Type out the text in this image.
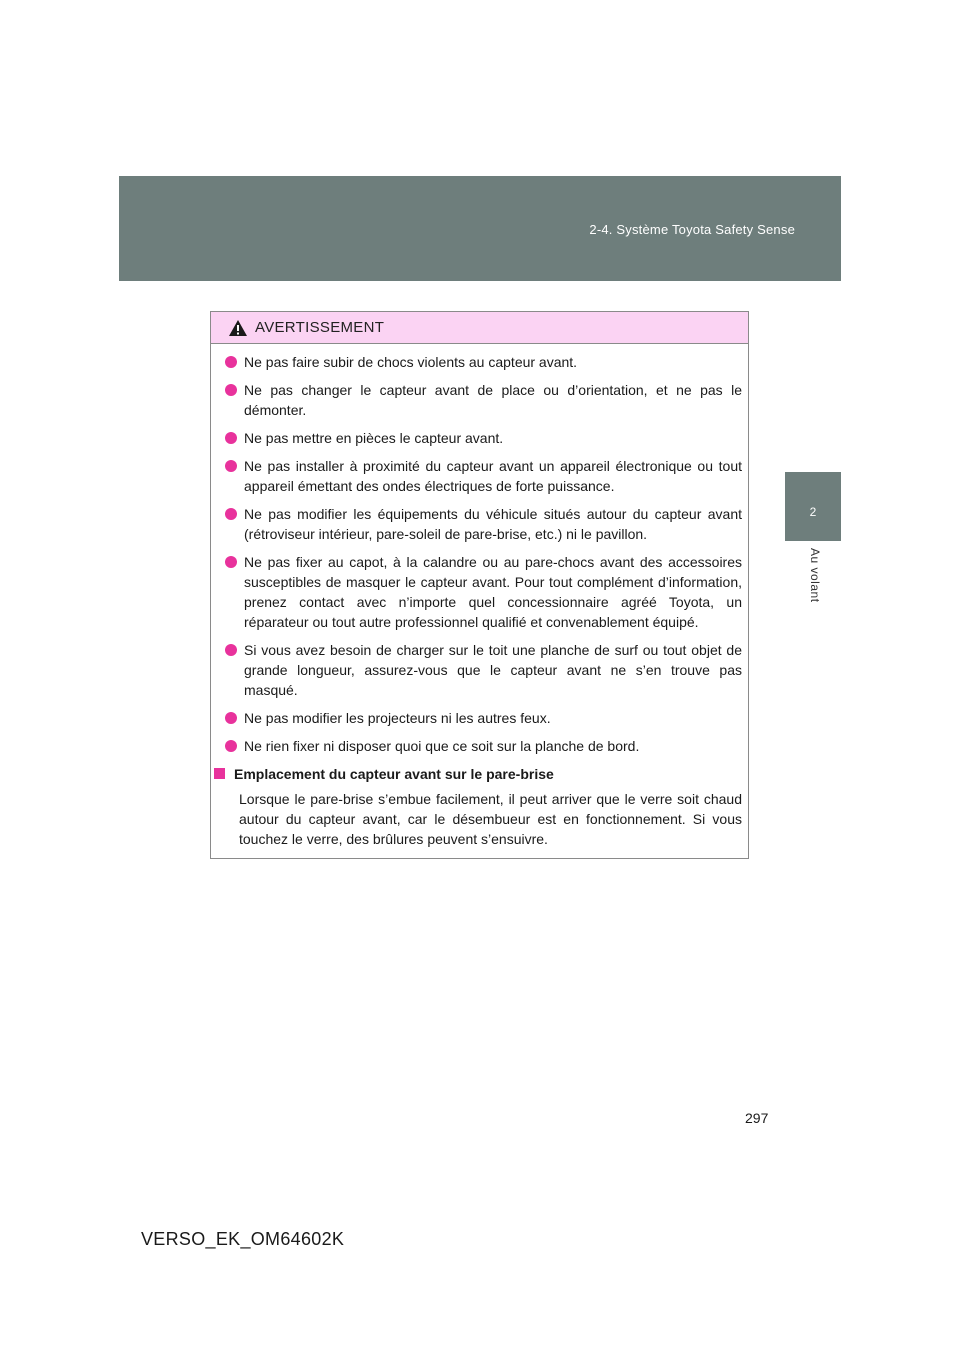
2-4. Système Toyota Safety Sense
2
Au volant
AVERTISSEMENT
Ne pas faire subir de chocs violents au capteur avant.
Ne pas changer le capteur avant de place ou d’orientation, et ne pas le démonter.
Ne pas mettre en pièces le capteur avant.
Ne pas installer à proximité du capteur avant un appareil électronique ou tout appareil émettant des ondes électriques de forte puissance.
Ne pas modifier les équipements du véhicule situés autour du capteur avant (rétroviseur intérieur, pare-soleil de pare-brise, etc.) ni le pavillon.
Ne pas fixer au capot, à la calandre ou au pare-chocs avant des accessoires susceptibles de masquer le capteur avant. Pour tout complément d’information, prenez contact avec n’importe quel concessionnaire agréé Toyota, un réparateur ou tout autre professionnel qualifié et convenablement équipé.
Si vous avez besoin de charger sur le toit une planche de surf ou tout objet de grande longueur, assurez-vous que le capteur avant ne s’en trouve pas masqué.
Ne pas modifier les projecteurs ni les autres feux.
Ne rien fixer ni disposer quoi que ce soit sur la planche de bord.
Emplacement du capteur avant sur le pare-brise
Lorsque le pare-brise s’embue facilement, il peut arriver que le verre soit chaud autour du capteur avant, car le désembueur est en fonctionnement. Si vous touchez le verre, des brûlures peuvent s’ensuivre.
297
VERSO_EK_OM64602K
